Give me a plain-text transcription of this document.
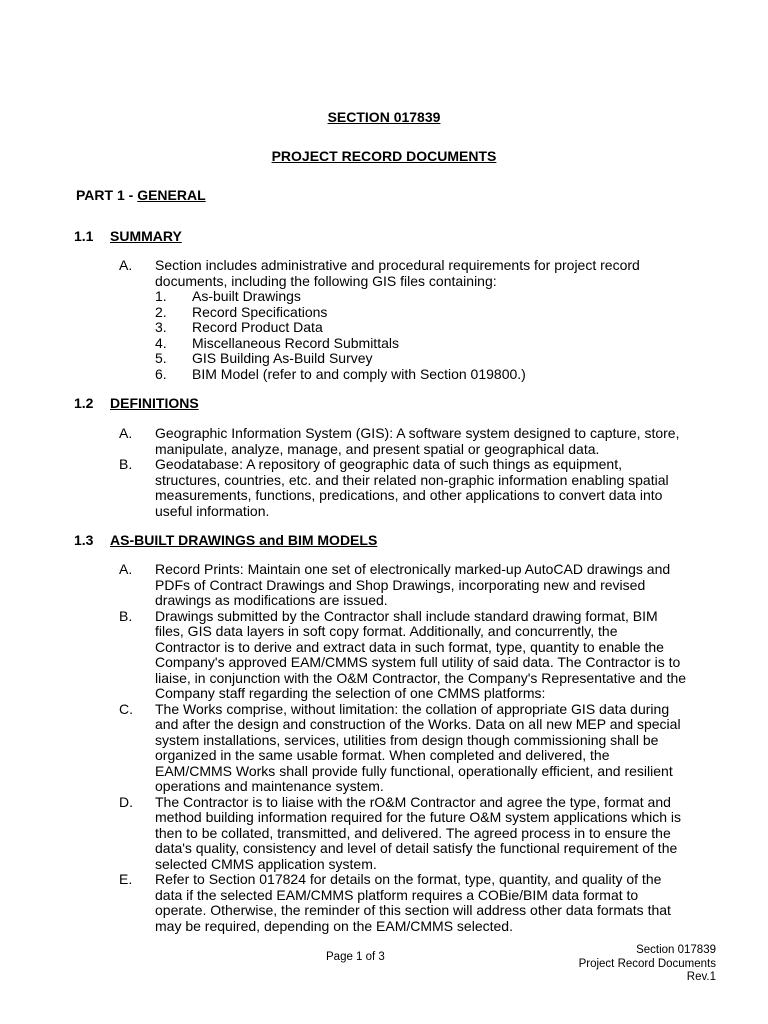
SECTION 017839
PROJECT RECORD DOCUMENTS
PART 1 - GENERAL
1.1 SUMMARY
A.	Section includes administrative and procedural requirements for project record
documents, including the following GIS files containing:
1.	As-built Drawings
2.	Record Specifications
3.	Record Product Data
4.	Miscellaneous Record Submittals
5.	GIS Building As-Build Survey
6.	BIM Model (refer to and comply with Section 019800.)
1.2 DEFINITIONS
A.	Geographic Information System (GIS): A software system designed to capture, store,
manipulate, analyze, manage, and present spatial or geographical data.
B.	Geodatabase: A repository of geographic data of such things as equipment,
structures, countries, etc. and their related non-graphic information enabling spatial
measurements, functions, predications, and other applications to convert data into
useful information.
1.3 AS-BUILT DRAWINGS and BIM MODELS
A.	Record Prints: Maintain one set of electronically marked-up AutoCAD drawings and
PDFs of Contract Drawings and Shop Drawings, incorporating new and revised
drawings as modifications are issued.
B.	Drawings submitted by the Contractor shall include standard drawing format, BIM
files, GIS data layers in soft copy format. Additionally, and concurrently, the
Contractor is to derive and extract data in such format, type, quantity to enable the
Company's approved EAM/CMMS system full utility of said data. The Contractor is to
liaise, in conjunction with the O&M Contractor, the Company's Representative and the
Company staff regarding the selection of one CMMS platforms:
C.	The Works comprise, without limitation: the collation of appropriate GIS data during
and after the design and construction of the Works. Data on all new MEP and special
system installations, services, utilities from design though commissioning shall be
organized in the same usable format. When completed and delivered, the
EAM/CMMS Works shall provide fully functional, operationally efficient, and resilient
operations and maintenance system.
D.	The Contractor is to liaise with the rO&M Contractor and agree the type, format and
method building information required for the future O&M system applications which is
then to be collated, transmitted, and delivered. The agreed process in to ensure the
data's quality, consistency and level of detail satisfy the functional requirement of the
selected CMMS application system.
E.	Refer to Section 017824 for details on the format, type, quantity, and quality of the
data if the selected EAM/CMMS platform requires a COBie/BIM data format to
operate. Otherwise, the reminder of this section will address other data formats that
may be required, depending on the EAM/CMMS selected.
Page 1 of 3
Section 017839
Project Record Documents
Rev.1
